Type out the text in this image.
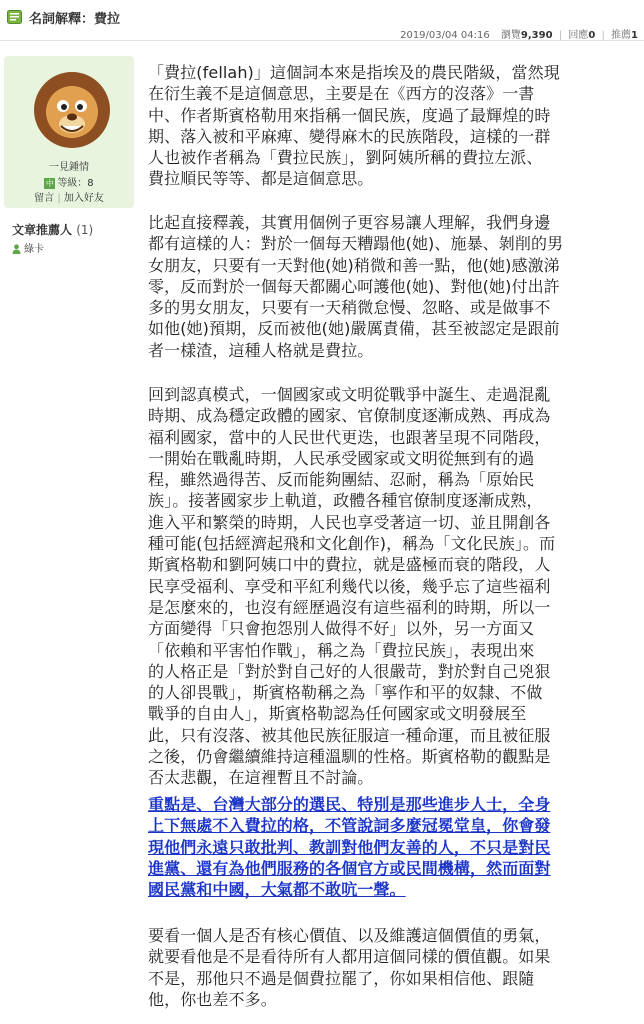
名詞解釋：費拉
2019/03/04 04:16 瀏覽9,390 | 回應0 | 推薦1
一見鍾情
中 等級：8
留言 | 加入好友
文章推薦人 (1)
綠卡

「費拉(fellah)」這個詞本來是指埃及的農民階級，當然現
在衍生義不是這個意思，主要是在《西方的沒落》一書
中、作者斯賓格勒用來指稱一個民族，度過了最輝煌的時
期、落入被和平麻痺、變得麻木的民族階段，這樣的一群
人也被作者稱為「費拉民族」，劉阿姨所稱的費拉左派、
費拉順民等等、都是這個意思。

比起直接釋義，其實用個例子更容易讓人理解，我們身邊
都有這樣的人：對於一個每天糟蹋他(她)、施暴、剝削的男
女朋友，只要有一天對他(她)稍微和善一點，他(她)感激涕
零，反而對於一個每天都關心呵護他(她)、對他(她)付出許
多的男女朋友，只要有一天稍微怠慢、忽略、或是做事不
如他(她)預期，反而被他(她)嚴厲責備，甚至被認定是跟前
者一樣渣，這種人格就是費拉。

回到認真模式，一個國家或文明從戰爭中誕生、走過混亂
時期、成為穩定政體的國家、官僚制度逐漸成熟、再成為
福利國家，當中的人民世代更迭，也跟著呈現不同階段，
一開始在戰亂時期，人民承受國家或文明從無到有的過
程，雖然過得苦、反而能夠團結、忍耐，稱為「原始民
族」。接著國家步上軌道，政體各種官僚制度逐漸成熟，
進入平和繁榮的時期，人民也享受著這一切、並且開創各
種可能(包括經濟起飛和文化創作)，稱為「文化民族」。而
斯賓格勒和劉阿姨口中的費拉，就是盛極而衰的階段，人
民享受福利、享受和平紅利幾代以後，幾乎忘了這些福利
是怎麼來的，也沒有經歷過沒有這些福利的時期，所以一
方面變得「只會抱怨別人做得不好」以外，另一方面又
「依賴和平害怕作戰」，稱之為「費拉民族」，表現出來
的人格正是「對於對自己好的人很嚴苛，對於對自己兇狠
的人卻畏戰」，斯賓格勒稱之為「寧作和平的奴隸、不做
戰爭的自由人」，斯賓格勒認為任何國家或文明發展至
此，只有沒落、被其他民族征服這一種命運，而且被征服
之後，仍會繼續維持這種溫馴的性格。斯賓格勒的觀點是
否太悲觀，在這裡暫且不討論。

重點是、台灣大部分的選民、特別是那些進步人士，全身
上下無處不入費拉的格，不管說詞多麼冠冕堂皇，你會發
現他們永遠只敢批判、教訓對他們友善的人，不只是對民
進黨、還有為他們服務的各個官方或民間機構，然而面對
國民黨和中國，大氣都不敢吭一聲。

要看一個人是否有核心價值、以及維護這個價值的勇氣，
就要看他是不是看待所有人都用這個同樣的價值觀。如果
不是，那他只不過是個費拉罷了，你如果相信他、跟隨
他，你也差不多。
